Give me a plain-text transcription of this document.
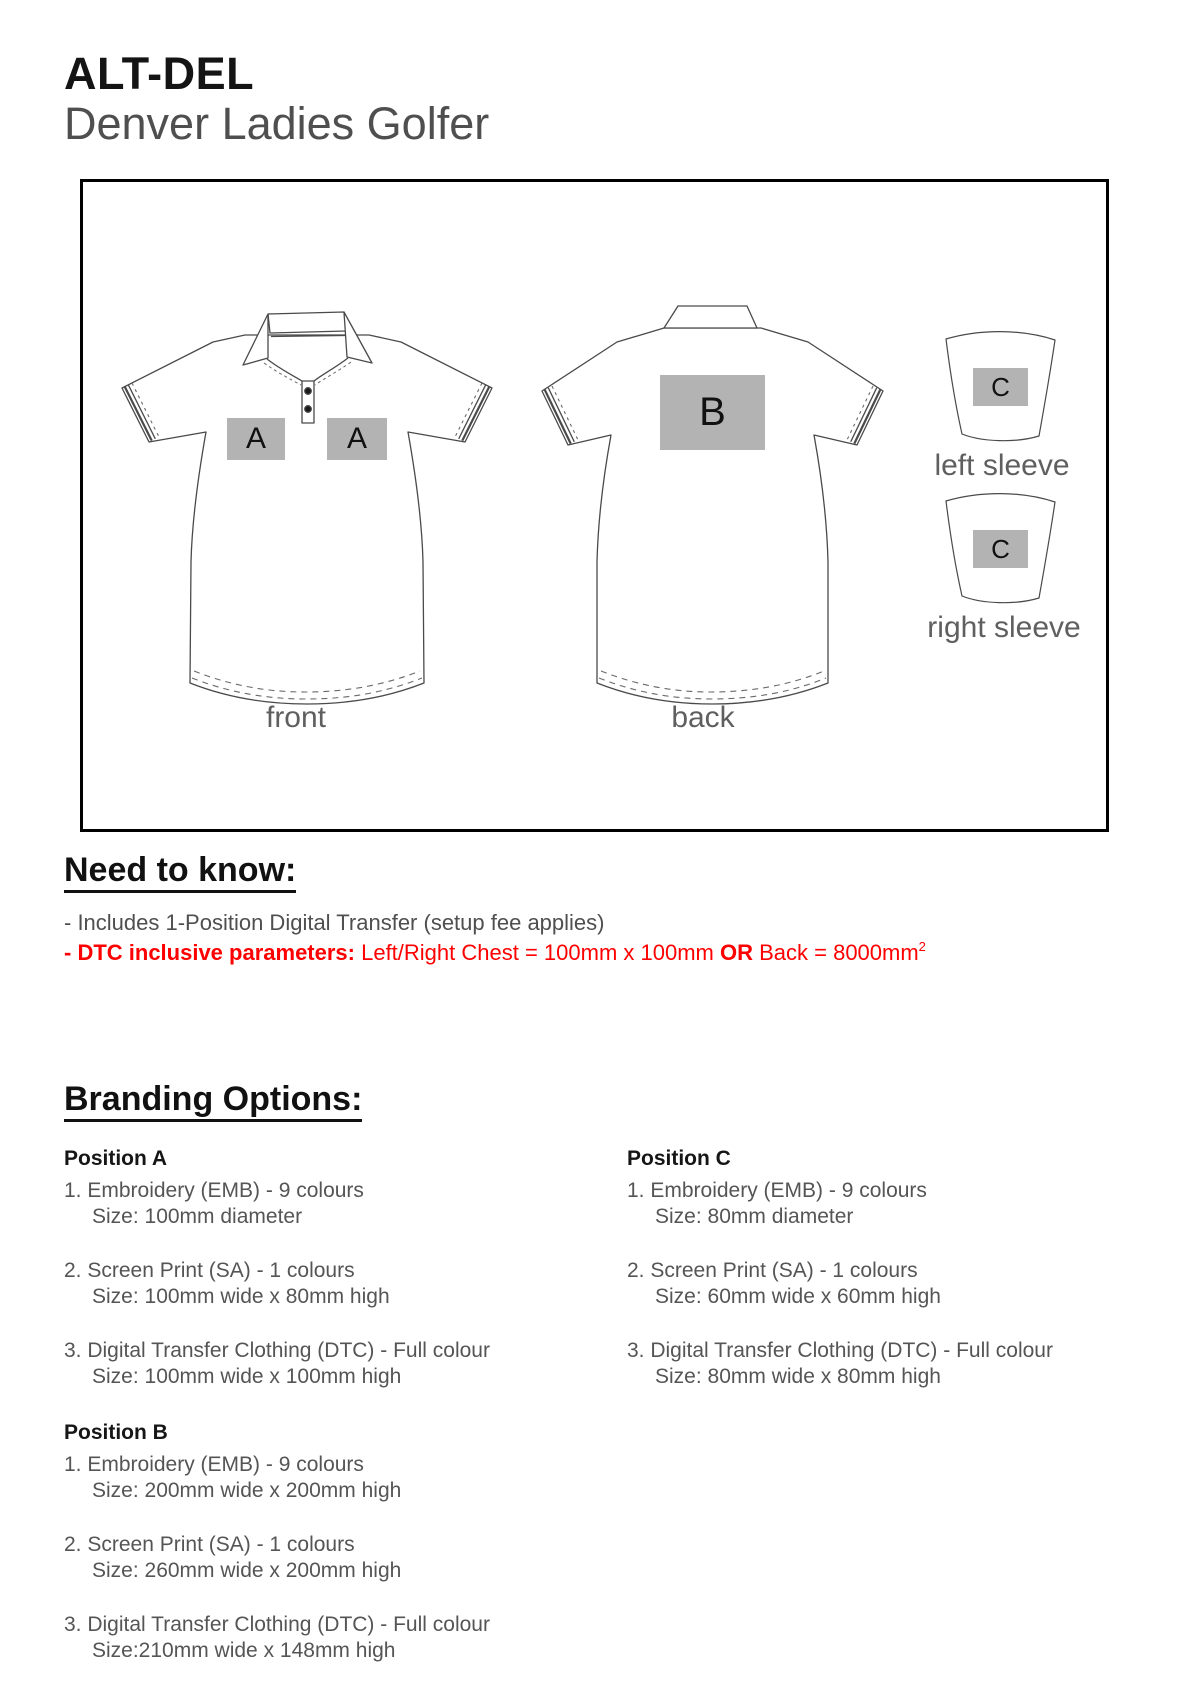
ALT-DEL
Denver Ladies Golfer
A	A
B
C
C
front	back
left sleeve
right sleeve
Need to know:
- Includes 1-Position Digital Transfer (setup fee applies)
- DTC inclusive parameters: Left/Right Chest = 100mm x 100mm OR Back = $8000mm^2$
Branding Options:
Position A
1. Embroidery (EMB) - 9 colours
Size: 100mm diameter
2. Screen Print (SA) - 1 colours
Size: 100mm wide x 80mm high
3. Digital Transfer Clothing (DTC) - Full colour
Size: 100mm wide x 100mm high
Position B
1. Embroidery (EMB) - 9 colours
Size: 200mm wide x 200mm high
2. Screen Print (SA) - 1 colours
Size: 260mm wide x 200mm high
3. Digital Transfer Clothing (DTC) - Full colour
Size:210mm wide x 148mm high
Position C
1. Embroidery (EMB) - 9 colours
Size: 80mm diameter
2. Screen Print (SA) - 1 colours
Size: 60mm wide x 60mm high
3. Digital Transfer Clothing (DTC) - Full colour
Size: 80mm wide x 80mm high
